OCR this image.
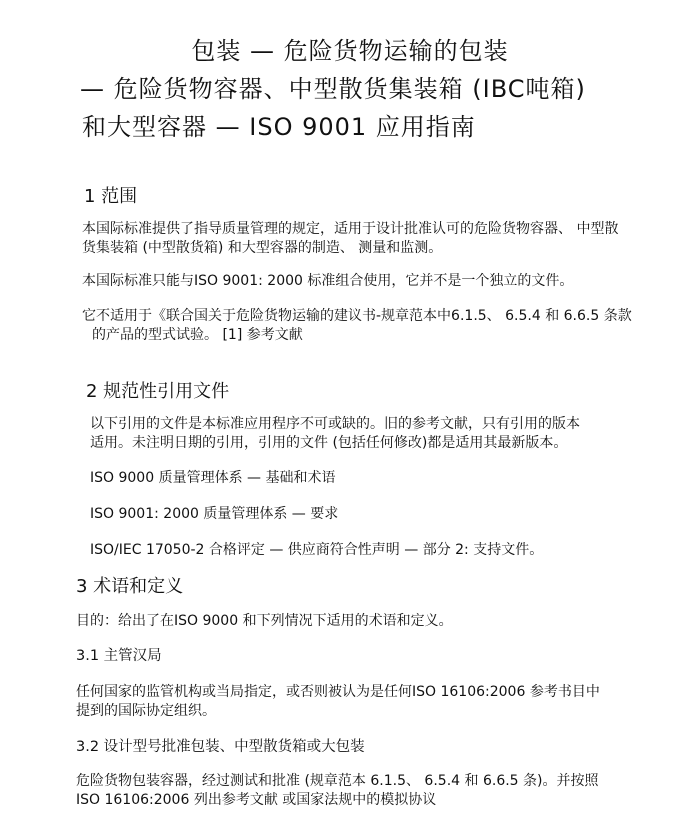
包装 — 危险货物运输的包装
— 危险货物容器、中型散货集装箱 (IBC吨箱)
和大型容器 — ISO 9001 应用指南
1 范围
本国际标准提供了指导质量管理的规定，适用于设计批准认可的危险货物容器、 中型散
货集装箱 (中型散货箱) 和大型容器的制造、 测量和监测。
本国际标准只能与ISO 9001: 2000 标准组合使用，它并不是一个独立的文件。
它不适用于《联合国关于危险货物运输的建议书-规章范本中6.1.5、 6.5.4 和 6.6.5 条款
的产品的型式试验。 [1] 参考文献
2 规范性引用文件
以下引用的文件是本标准应用程序不可或缺的。旧的参考文献，只有引用的版本
适用。未注明日期的引用，引用的文件 (包括任何修改)都是适用其最新版本。
ISO 9000 质量管理体系 — 基础和术语
ISO 9001: 2000 质量管理体系 — 要求
ISO/IEC 17050-2 合格评定 — 供应商符合性声明 — 部分 2: 支持文件。
3 术语和定义
目的：给出了在ISO 9000 和下列情况下适用的术语和定义。
3.1 主管汉局
任何国家的监管机构或当局指定，或否则被认为是任何ISO 16106:2006 参考书目中
提到的国际协定组织。
3.2 设计型号批准包装、中型散货箱或大包装
危险货物包装容器，经过测试和批准 (规章范本 6.1.5、 6.5.4 和 6.6.5 条)。并按照
ISO 16106:2006 列出参考文献 或国家法规中的模拟协议
